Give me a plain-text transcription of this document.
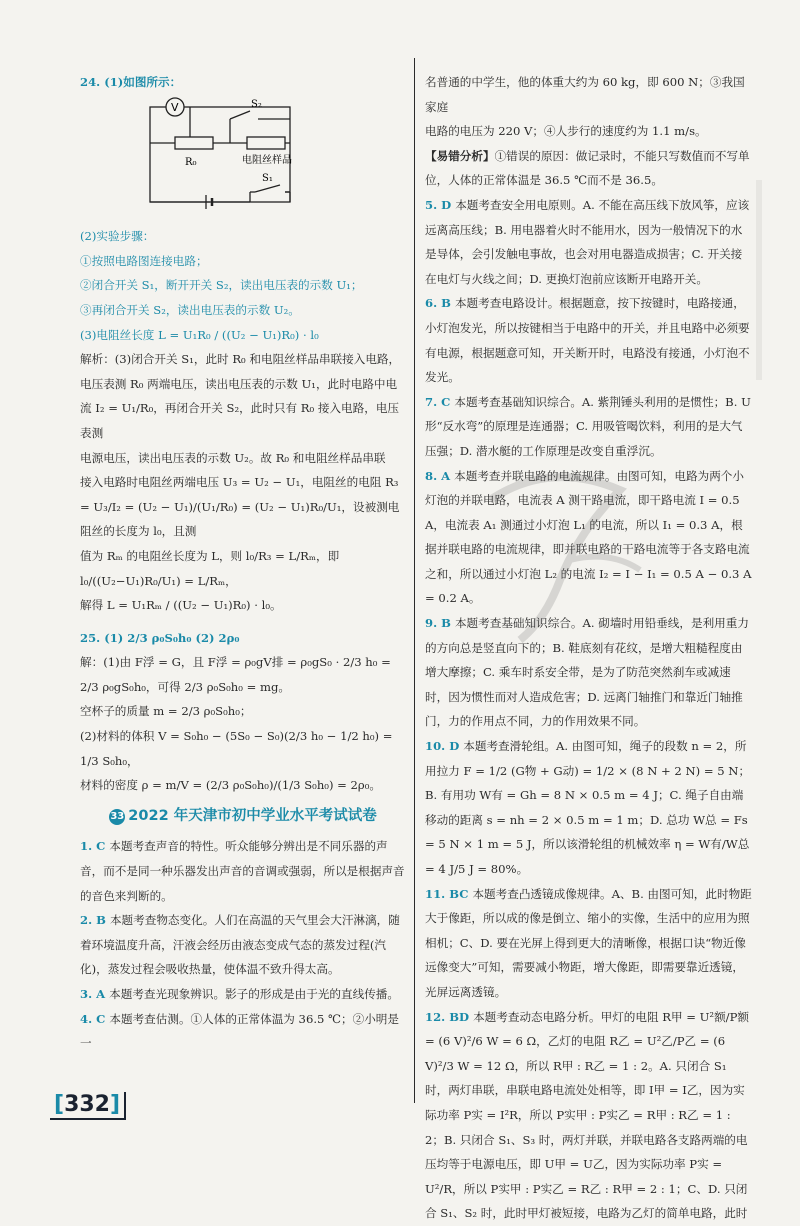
24. (1)如图所示：

V	S₂
R₀	电阻丝样品
S₁

(2)实验步骤：

①按照电路图连接电路；

②闭合开关 S₁，断开开关 S₂，读出电压表的示数 U₁；

③再闭合开关 S₂，读出电压表的示数 U₂。

(3)电阻丝长度 L = U₁R₀ / ((U₂ − U₁)R₀) · l₀

解析：(3)闭合开关 S₁，此时 R₀ 和电阻丝样品串联接入电路，

电压表测 R₀ 两端电压，读出电压表的示数 U₁，此时电路中电

流 I₂ = U₁/R₀，再闭合开关 S₂，此时只有 R₀ 接入电路，电压表测

电源电压，读出电压表的示数 U₂。故 R₀ 和电阻丝样品串联

接入电路时电阻丝两端电压 U₃ = U₂ − U₁，电阻丝的电阻 R₃

= U₃/I₂ = (U₂ − U₁)/(U₁/R₀) = (U₂ − U₁)R₀/U₁，设被测电阻丝的长度为 l₀，且测

值为 Rₘ 的电阻丝长度为 L，则 l₀/R₃ = L/Rₘ，即 l₀/((U₂−U₁)R₀/U₁) = L/Rₘ，

解得 L = U₁Rₘ / ((U₂ − U₁)R₀) · l₀。

25. (1) 2/3 ρ₀S₀h₀ (2) 2ρ₀

解：(1)由 F浮 = G，且 F浮 = ρ₀gV排 = ρ₀gS₀ · 2/3 h₀ =

2/3 ρ₀gS₀h₀，可得 2/3 ρ₀S₀h₀ = mg。

空杯子的质量 m = 2/3 ρ₀S₀h₀；

(2)材料的体积 V = S₀h₀ − (5S₀ − S₀)(2/3 h₀ − 1/2 h₀) =

1/3 S₀h₀，

材料的密度 ρ = m/V = (2/3 ρ₀S₀h₀)/(1/3 S₀h₀) = 2ρ₀。

33 2022 年天津市初中学业水平考试试卷

1. C 本题考查声音的特性。听众能够分辨出是不同乐器的声音，而不是同一种乐器发出声音的音调或强弱，所以是根据声音的音色来判断的。

2. B 本题考查物态变化。人们在高温的天气里会大汗淋漓，随着环境温度升高，汗液会经历由液态变成气态的蒸发过程(汽化)，蒸发过程会吸收热量，使体温不致升得太高。

3. A 本题考查光现象辨识。影子的形成是由于光的直线传播。

4. C 本题考查估测。①人体的正常体温为 36.5 ℃；②小明是一

名普通的中学生，他的体重大约为 60 kg，即 600 N；③我国家庭

电路的电压为 220 V；④人步行的速度约为 1.1 m/s。

【易错分析】①错误的原因：做记录时，不能只写数值而不写单位，人体的正常体温是 36.5 ℃而不是 36.5。

5. D 本题考查安全用电原则。A. 不能在高压线下放风筝，应该远离高压线；B. 用电器着火时不能用水，因为一般情况下的水是导体，会引发触电事故，也会对用电器造成损害；C. 开关接在电灯与火线之间；D. 更换灯泡前应该断开电路开关。

6. B 本题考查电路设计。根据题意，按下按键时，电路接通，小灯泡发光，所以按键相当于电路中的开关，并且电路中必须要有电源，根据题意可知，开关断开时，电路没有接通，小灯泡不发光。

7. C 本题考查基础知识综合。A. 紫荆锤头利用的是惯性；B. U 形“反水弯”的原理是连通器；C. 用吸管喝饮料，利用的是大气压强；D. 潜水艇的工作原理是改变自重浮沉。

8. A 本题考查并联电路的电流规律。由图可知，电路为两个小灯泡的并联电路，电流表 A 测干路电流，即干路电流 I = 0.5 A，电流表 A₁ 测通过小灯泡 L₁ 的电流，所以 I₁ = 0.3 A，根据并联电路的电流规律，即并联电路的干路电流等于各支路电流之和，所以通过小灯泡 L₂ 的电流 I₂ = I − I₁ = 0.5 A − 0.3 A = 0.2 A。

9. B 本题考查基础知识综合。A. 砌墙时用铅垂线，是利用重力的方向总是竖直向下的；B. 鞋底刻有花纹，是增大粗糙程度由增大摩擦；C. 乘车时系安全带，是为了防范突然刹车或减速时，因为惯性而对人造成危害；D. 远离门轴推门和靠近门轴推门，力的作用点不同，力的作用效果不同。

10. D 本题考查滑轮组。A. 由图可知，绳子的段数 n = 2，所用拉力 F = 1/2 (G物 + G动) = 1/2 × (8 N + 2 N) = 5 N；B. 有用功 W有 = Gh = 8 N × 0.5 m = 4 J；C. 绳子自由端移动的距离 s = nh = 2 × 0.5 m = 1 m；D. 总功 W总 = Fs = 5 N × 1 m = 5 J，所以该滑轮组的机械效率 η = W有/W总 = 4 J/5 J = 80%。

11. BC 本题考查凸透镜成像规律。A、B. 由图可知，此时物距大于像距，所以成的像是倒立、缩小的实像，生活中的应用为照相机；C、D. 要在光屏上得到更大的清晰像，根据口诀“物近像远像变大”可知，需要减小物距，增大像距，即需要靠近透镜，光屏远离透镜。

12. BD 本题考查动态电路分析。甲灯的电阻 R甲 = U²额/P额 = (6 V)²/6 W = 6 Ω，乙灯的电阻 R乙 = U²乙/P乙 = (6 V)²/3 W = 12 Ω，所以 R甲 : R乙 = 1 : 2。A. 只闭合 S₁ 时，两灯串联，串联电路电流处处相等，即 I甲 = I乙，因为实际功率 P实 = I²R，所以 P实甲 : P实乙 = R甲 : R乙 = 1 : 2；B. 只闭合 S₁、S₃ 时，两灯并联，并联电路各支路两端的电压均等于电源电压，即 U甲 = U乙，因为实际功率 P实 = U²/R，所以 P实甲 : P实乙 = R乙 : R甲 = 2 : 1；C、D. 只闭合 S₁、S₂ 时，此时甲灯被短接，电路为乙灯的简单电路，此时

[332]
